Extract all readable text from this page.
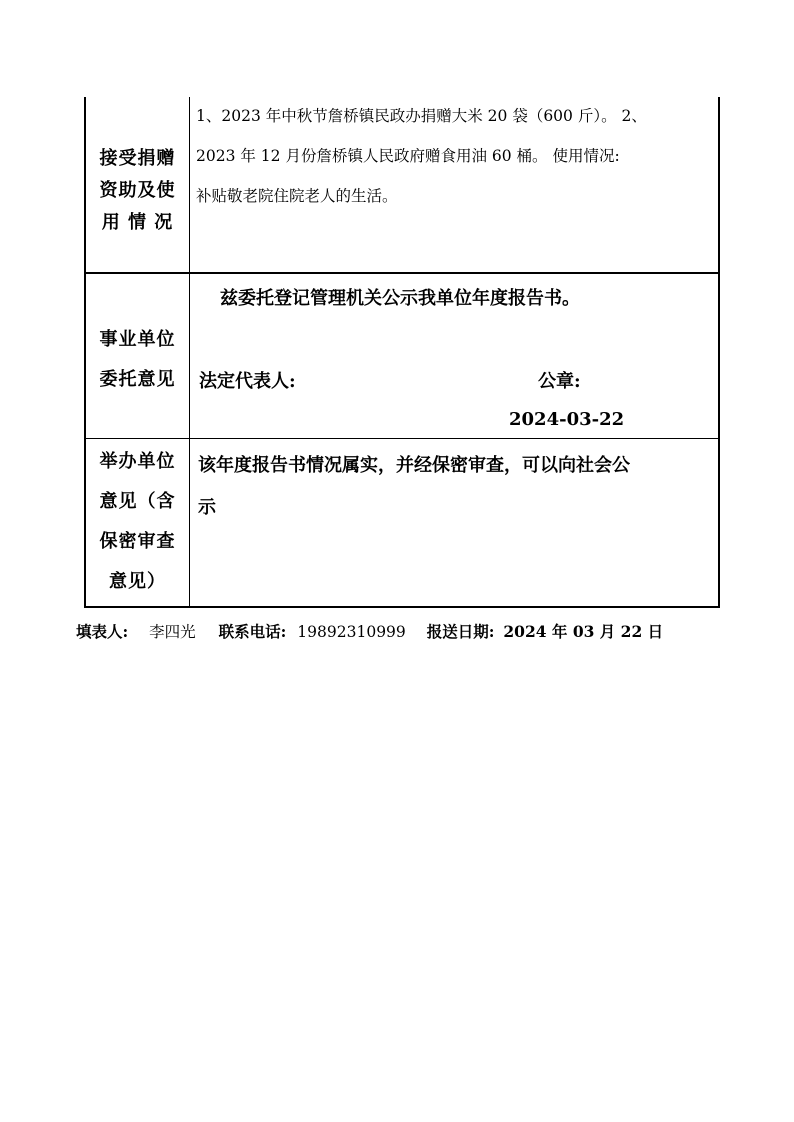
接受捐赠
资助及使
用 情 况
1、2023 年中秋节詹桥镇民政办捐赠大米 20 袋（600 斤）。 2、
2023 年 12 月份詹桥镇人民政府赠食用油 60 桶。 使用情况:
补贴敬老院住院老人的生活。
事业单位
委托意见
兹委托登记管理机关公示我单位年度报告书。
法定代表人:	公章:
2024-03-22
举办单位
意见（含
保密审查
意见）
该年度报告书情况属实，并经保密审查，可以向社会公
示
填表人: 李四光 联系电话: 19892310999 报送日期: 2024 年 03 月 22 日
